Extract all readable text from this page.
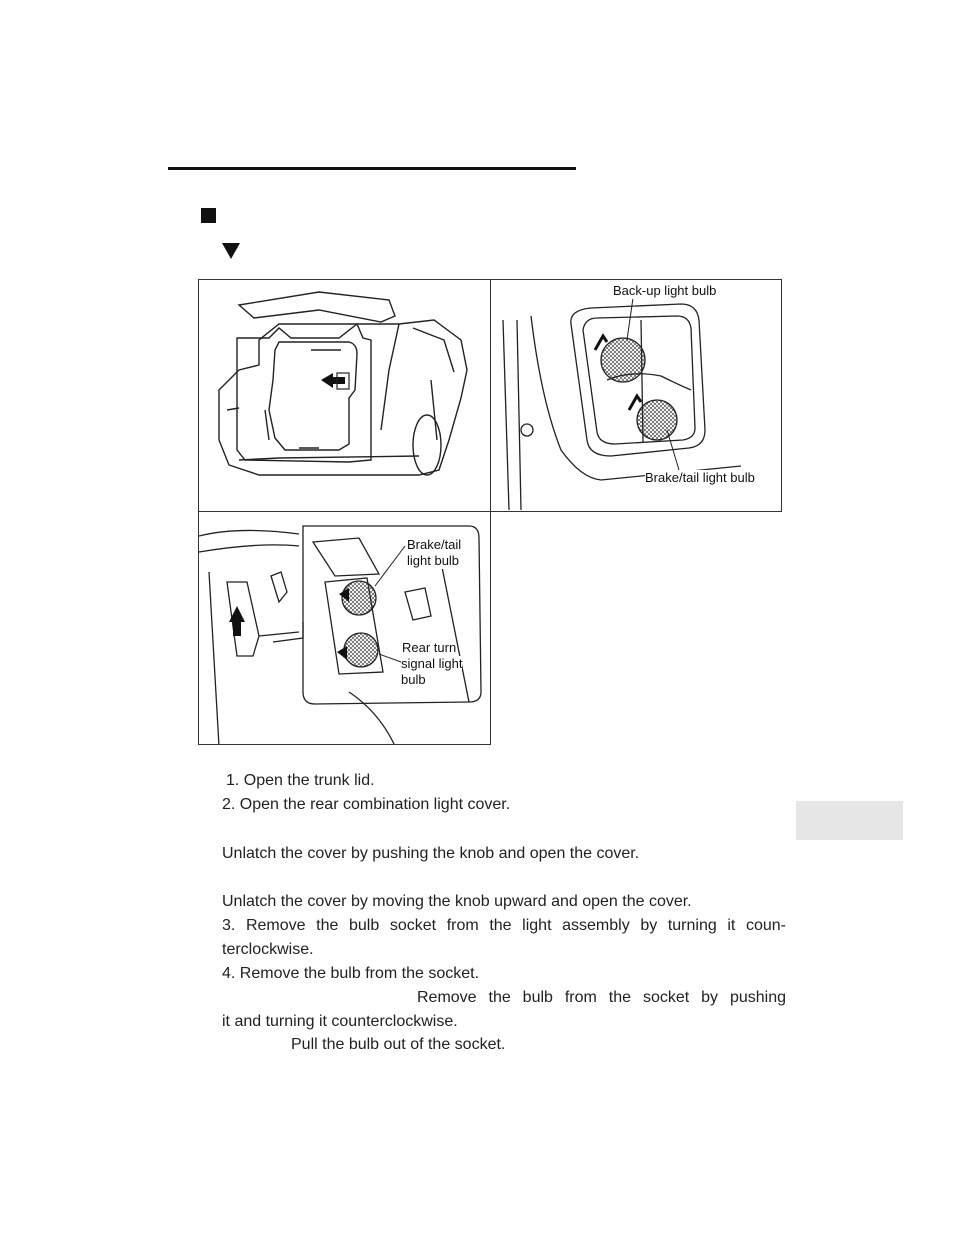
Back-up light bulb
Brake/tail light bulb
Brake/tail
light bulb
Rear turn
signal light
bulb
1. Open the trunk lid.
2. Open the rear combination light cover.
Unlatch the cover by pushing the knob and open the cover.
Unlatch the cover by moving the knob upward and open the cover.
3. Remove the bulb socket from the light assembly by turning it coun-
terclockwise.
4. Remove the bulb from the socket.
Remove the bulb from the socket by pushing
it and turning it counterclockwise.
Pull the bulb out of the socket.
